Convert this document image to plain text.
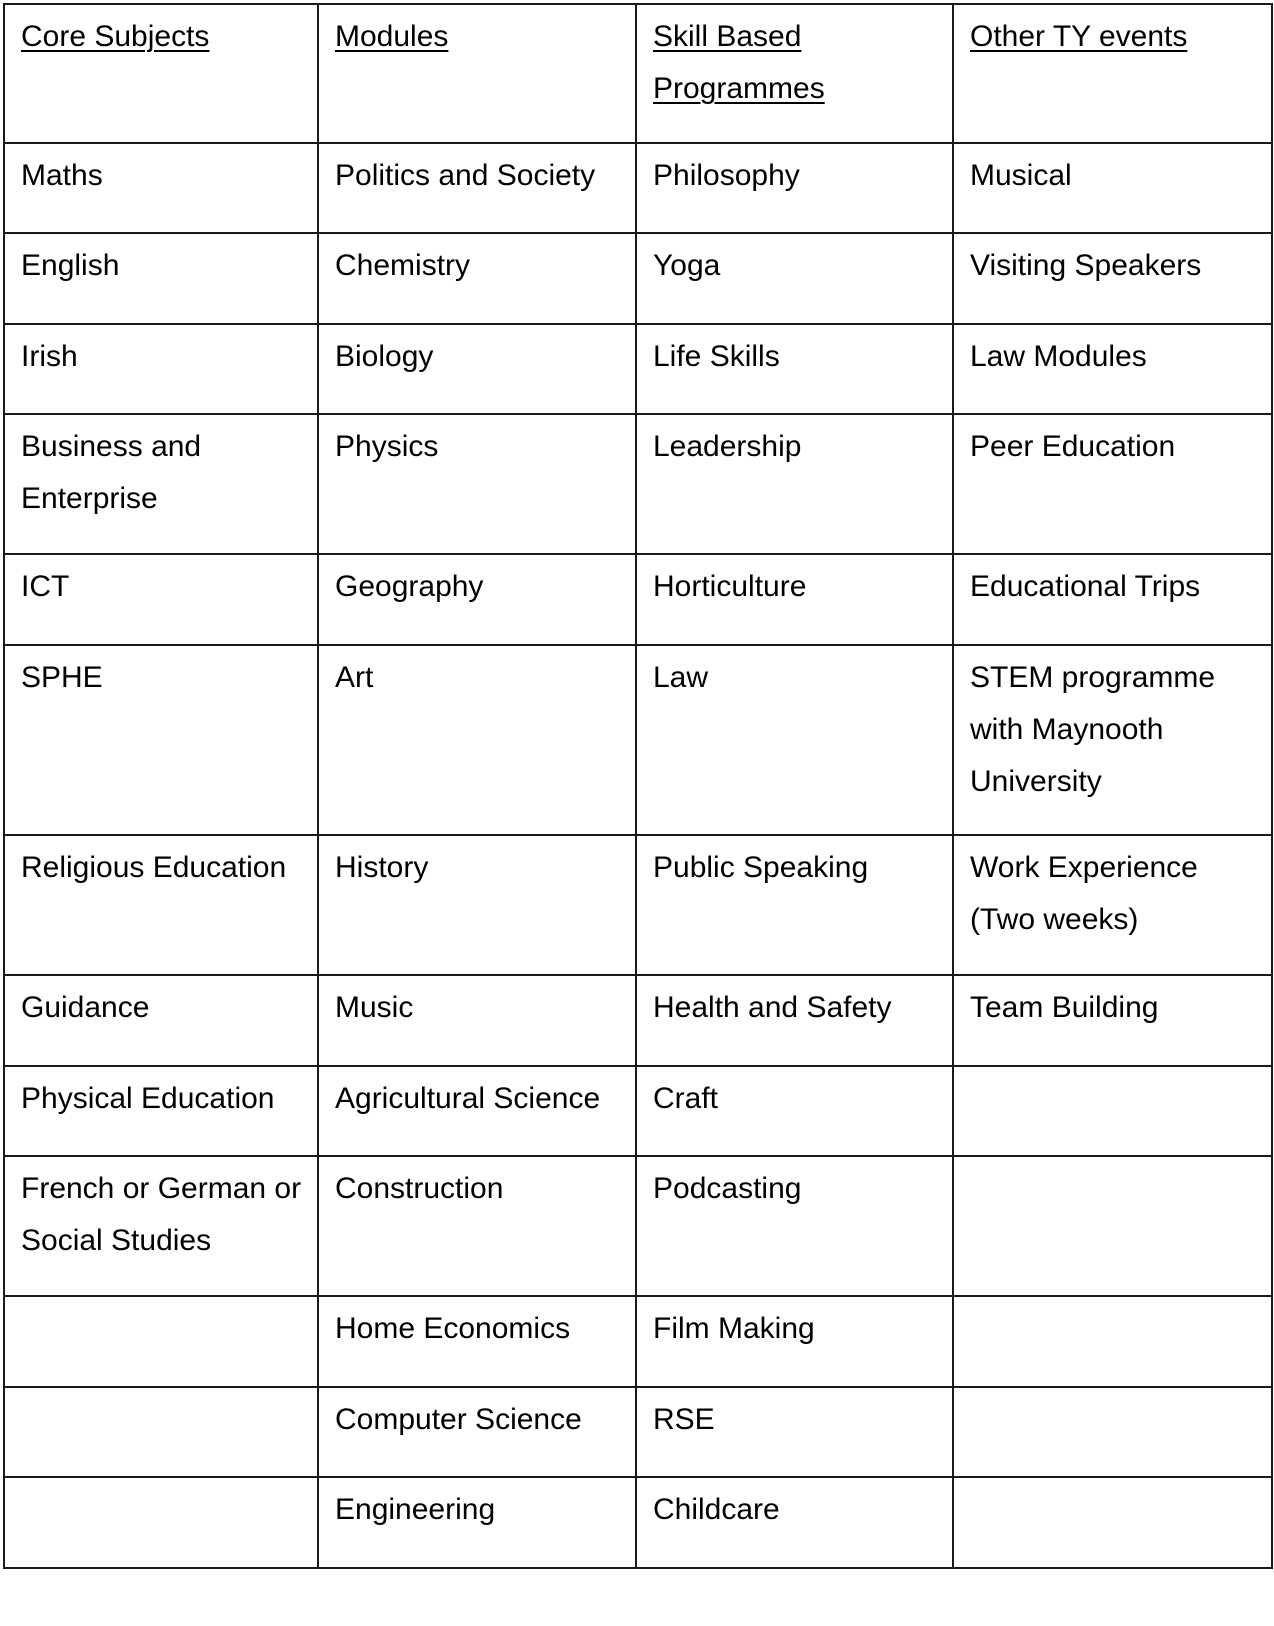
Core Subjects	Modules	Skill Based Programmes	Other TY events
Maths	Politics and Society	Philosophy	Musical
English	Chemistry	Yoga	Visiting Speakers
Irish	Biology	Life Skills	Law Modules
Business and Enterprise	Physics	Leadership	Peer Education
ICT	Geography	Horticulture	Educational Trips
SPHE	Art	Law	STEM programme with Maynooth University
Religious Education	History	Public Speaking	Work Experience (Two weeks)
Guidance	Music	Health and Safety	Team Building
Physical Education	Agricultural Science	Craft	
French or German or Social Studies	Construction	Podcasting	
	Home Economics	Film Making	
	Computer Science	RSE	
	Engineering	Childcare	
